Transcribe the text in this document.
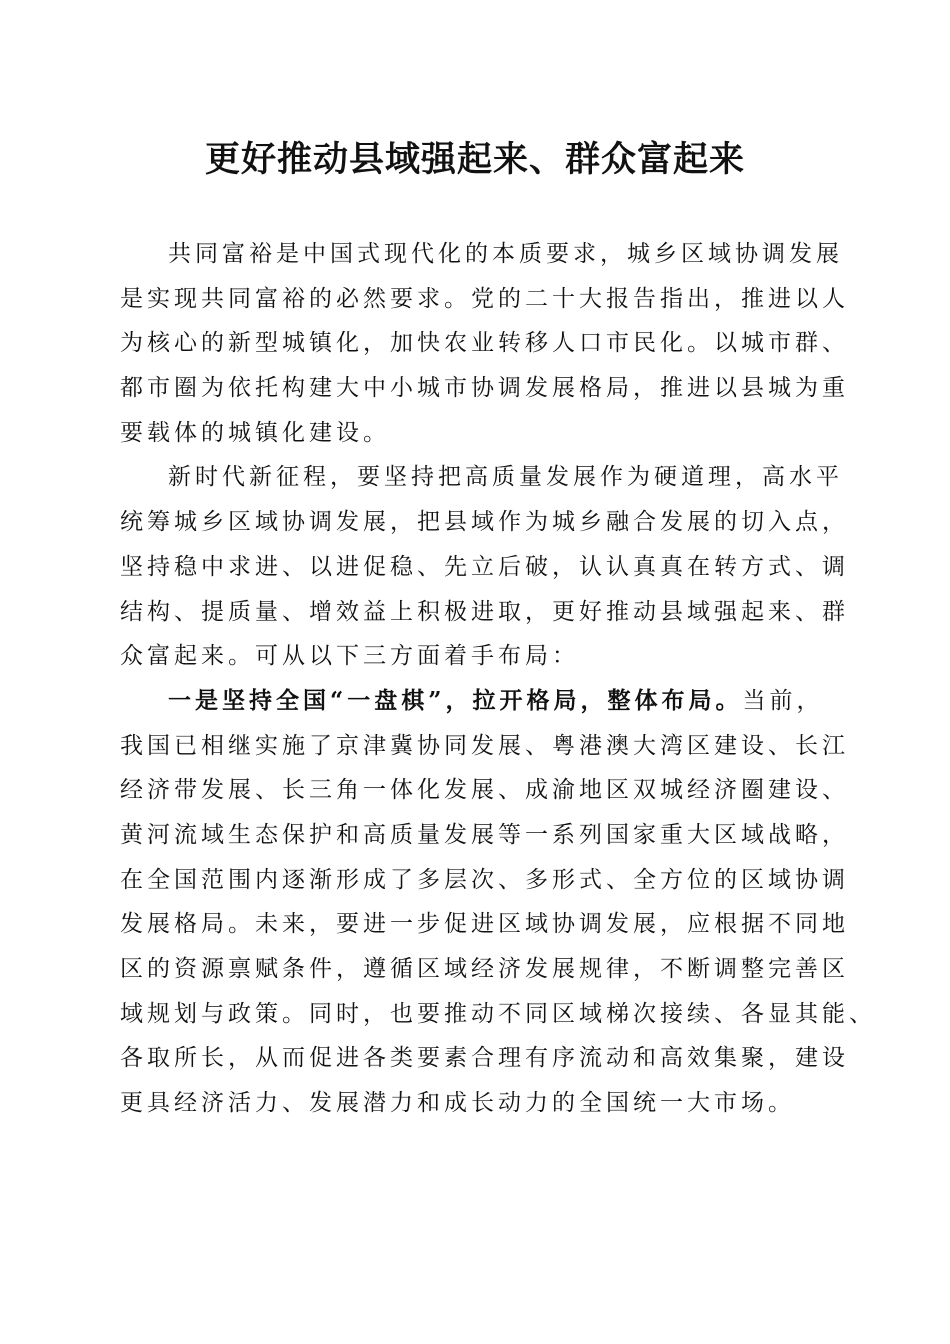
更好推动县域强起来、群众富起来

共同富裕是中国式现代化的本质要求，城乡区域协调发展
是实现共同富裕的必然要求。党的二十大报告指出，推进以人
为核心的新型城镇化，加快农业转移人口市民化。以城市群、
都市圈为依托构建大中小城市协调发展格局，推进以县城为重
要载体的城镇化建设。

新时代新征程，要坚持把高质量发展作为硬道理，高水平
统筹城乡区域协调发展，把县域作为城乡融合发展的切入点，
坚持稳中求进、以进促稳、先立后破，认认真真在转方式、调
结构、提质量、增效益上积极进取，更好推动县域强起来、群
众富起来。可从以下三方面着手布局：

一是坚持全国“一盘棋”，拉开格局，整体布局。当前，
我国已相继实施了京津冀协同发展、粤港澳大湾区建设、长江
经济带发展、长三角一体化发展、成渝地区双城经济圈建设、
黄河流域生态保护和高质量发展等一系列国家重大区域战略，
在全国范围内逐渐形成了多层次、多形式、全方位的区域协调
发展格局。未来，要进一步促进区域协调发展，应根据不同地
区的资源禀赋条件，遵循区域经济发展规律，不断调整完善区
域规划与政策。同时，也要推动不同区域梯次接续、各显其能、
各取所长，从而促进各类要素合理有序流动和高效集聚，建设
更具经济活力、发展潜力和成长动力的全国统一大市场。
